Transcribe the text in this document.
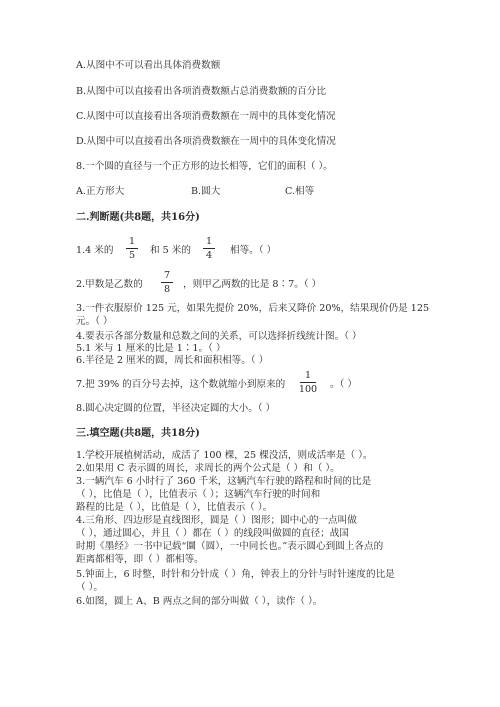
A.从图中不可以看出具体消费数额
B.从图中可以直接看出各项消费数额占总消费数额的百分比
C.从图中可以直接看出各项消费数额在一周中的具体变化情况
D.从图中可以直接看出各项消费数额在一周中的具体变化情况
8.一个圆的直径与一个正方形的边长相等，它们的面积（ ）。
A.正方形大	B.圆大	C.相等
二.判断题(共8题，共16分)
1.4 米的
1
5	和 5 米的
1
4	相等。（ ）
2.甲数是乙数的
7
8	，则甲乙两数的比是 8∶7。（ ）
3.一件衣服原价 125 元，如果先提价 20%，后来又降价 20%，结果现价仍是 125
元。（ ）
4.要表示各部分数量和总数之间的关系，可以选择折线统计图。（ ）
5.1 米与 1 厘米的比是 1∶1。（ ）
6.半径是 2 厘米的圆，周长和面积相等。（ ）
7.把 39% 的百分号去掉，这个数就缩小到原来的
1
100 。（ ）
8.圆心决定圆的位置，半径决定圆的大小。（ ）
三.填空题(共8题，共18分)
1.学校开展植树活动，成活了 100 棵，25 棵没活，则成活率是（ ）。
2.如果用 C 表示圆的周长，求周长的两个公式是（ ）和（ ）。
3.一辆汽车 6 小时行了 360 千米，这辆汽车行驶的路程和时间的比是
（ ），比值是（ ），比值表示（ ）；这辆汽车行驶的时间和
路程的比是（ ），比值是（ ），比值表示（ ）。
4.三角形、四边形是直线图形，圆是（ ）图形；圆中心的一点叫做
（ ），通过圆心，并且（ ）都在（ ）的线段叫做圆的直径；战国
时期《墨经》一书中记载“圜（圆），一中同长也。”表示圆心到圆上各点的
距离都相等，即（ ）都相等。
5.钟面上，6 时整，时针和分针成（ ）角，钟表上的分针与时针速度的比是
（ ）。
6.如图，圆上 A、B 两点之间的部分叫做（ ），读作（ ）。
